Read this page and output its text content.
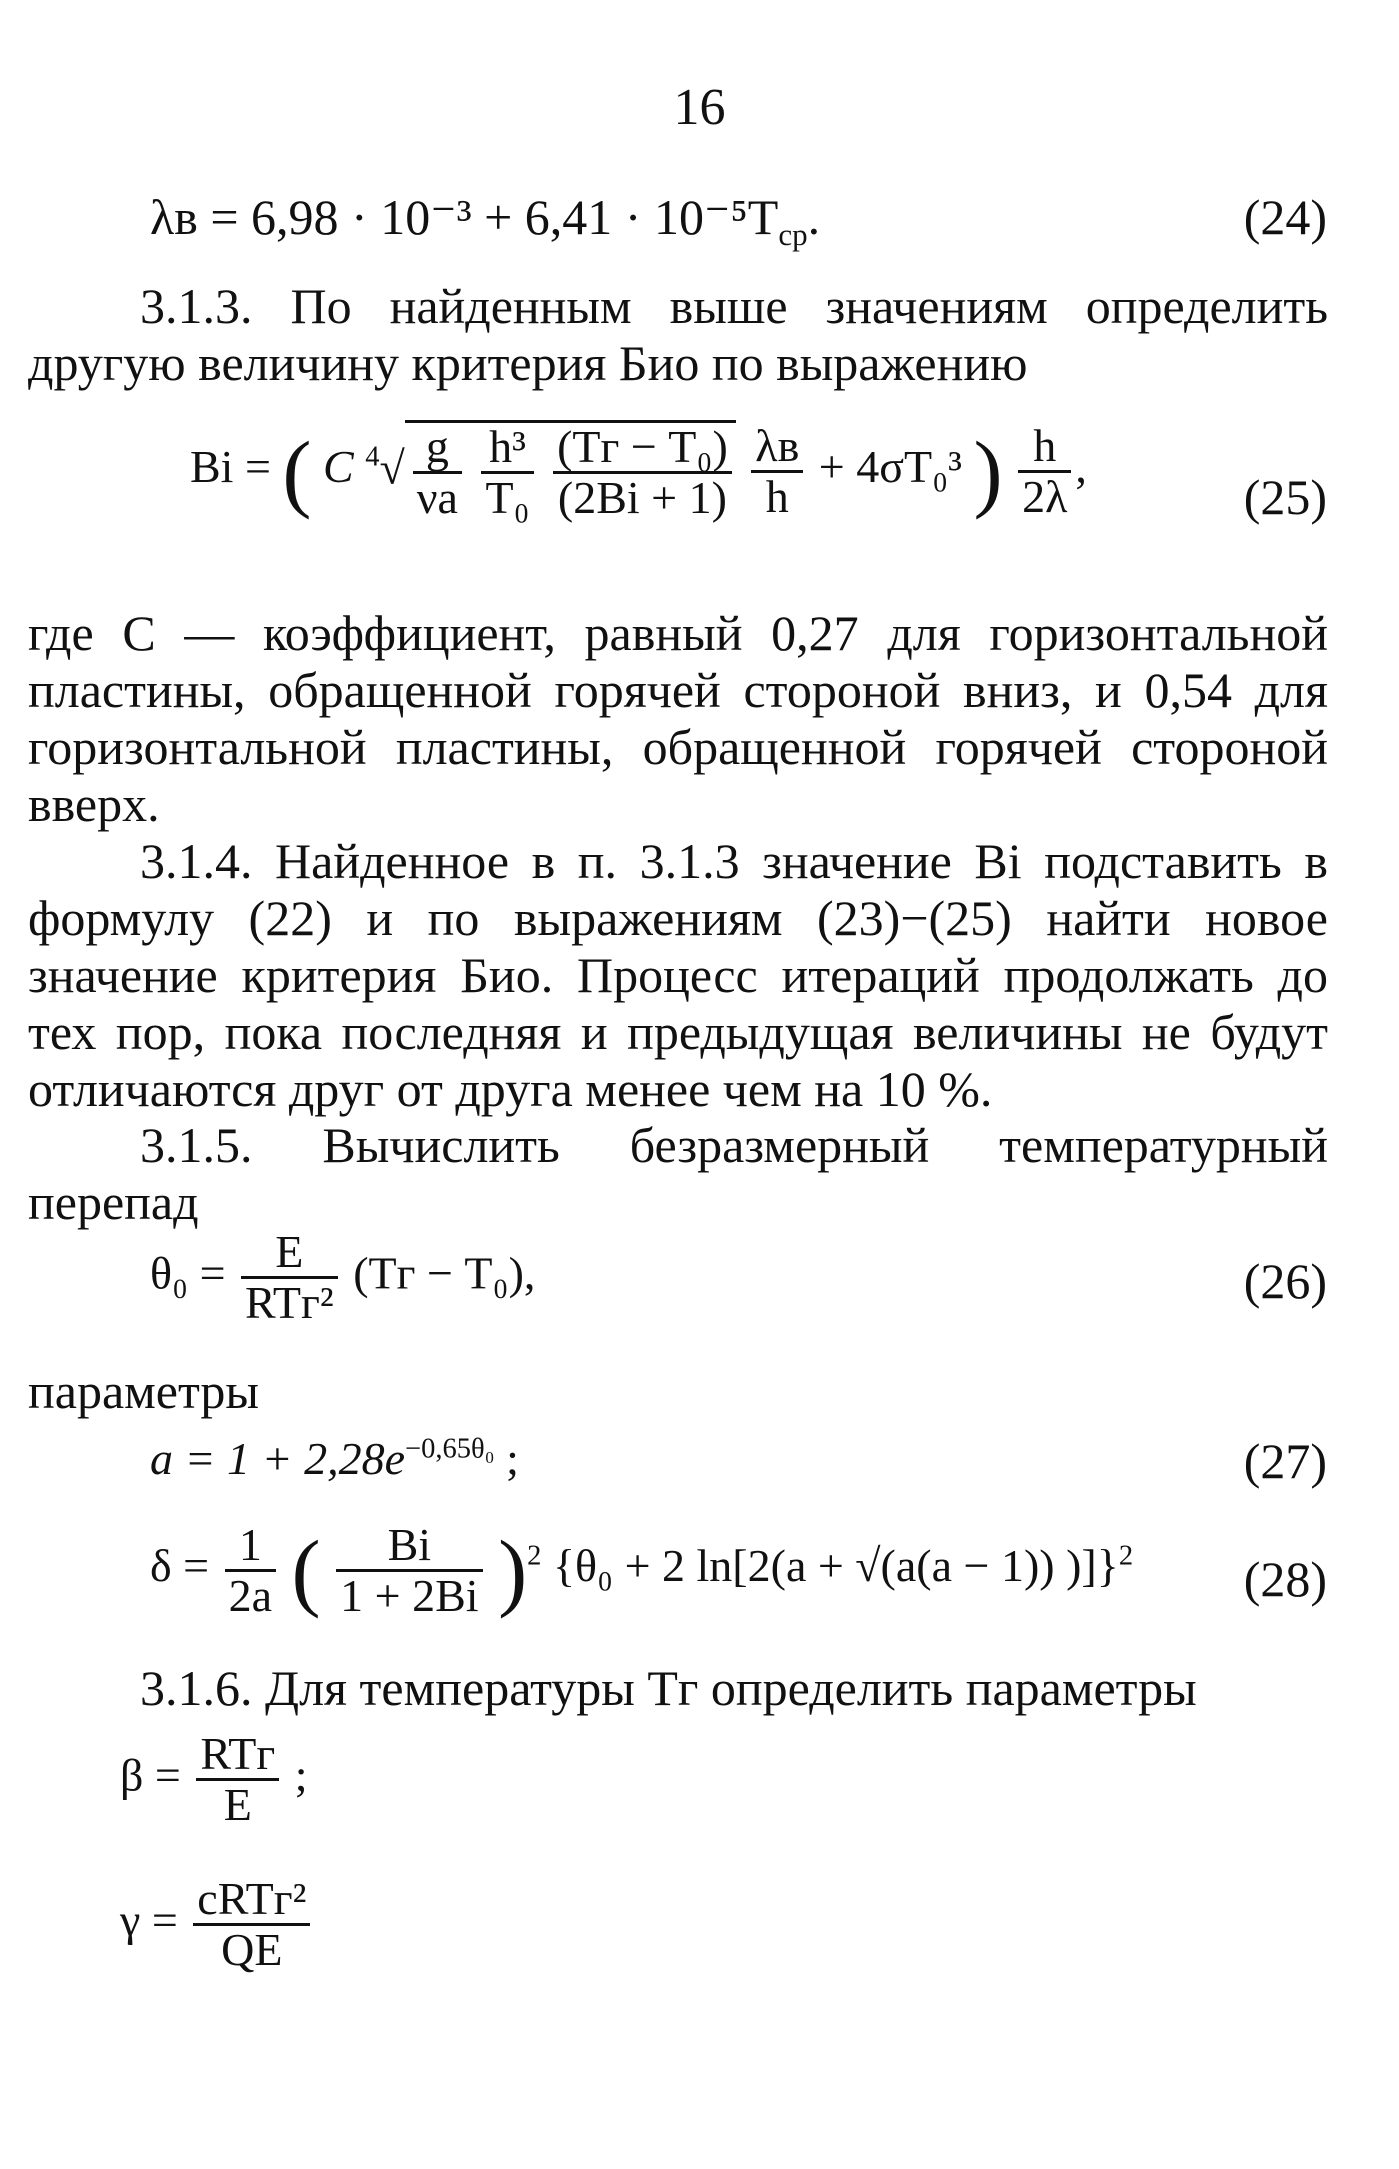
16
$\lambda в = 6,98 \cdot 10^{-3} + 6,41 \cdot 10^{-5}T_{ср}$.	(24)
3.1.3. По найденным выше значениям определить другую величину критерия Био по выражению
Bi = ( C $^4√ \frac{g}{\nu a}$
$\frac{\text{h³}}{\text{T₀}}$
$\frac{\text{(Tг − T₀)}}{(2Bi + 1)}$
$\frac{\lambda в}{h} + 4\sigma T_0^3$ ) $\frac{h}{2\lambda}$ ,
(25)
где C — коэффициент, равный 0,27 для горизонтальной пластины, обращенной горячей стороной вниз, и 0,54 для горизонтальной пластины, обращенной горячей стороной вверх.
3.1.4. Найденное в п. 3.1.3 значение Bi подставить в формулу (22) и по выражениям (23)−(25) найти новое значение критерия Био. Процесс итераций продолжать до тех пор, пока последняя и предыдущая величины не будут отличаются друг от друга менее чем на 10 %.
3.1.5. Вычислить безразмерный температурный перепад
$\theta_0 = \frac{E}{\text{RTг²}} (Tг - T_0)$,	(26)
параметры
$a = 1 + 2,28e^{-0,65\theta_0}$ ;	(27)
$\delta = \frac{1}{2a}$ ( $\frac{Bi}{1 + 2Bi} )^2$ {θ₀ + 2 ln[2(a + √(a(a − 1)) )]}$^2$ (28)
3.1.6. Для температуры Tг определить параметры
$\beta = \frac{\text{RTг}}{E}$ ;
$\gamma = \frac{\text{cRTг²}}{QE}$
